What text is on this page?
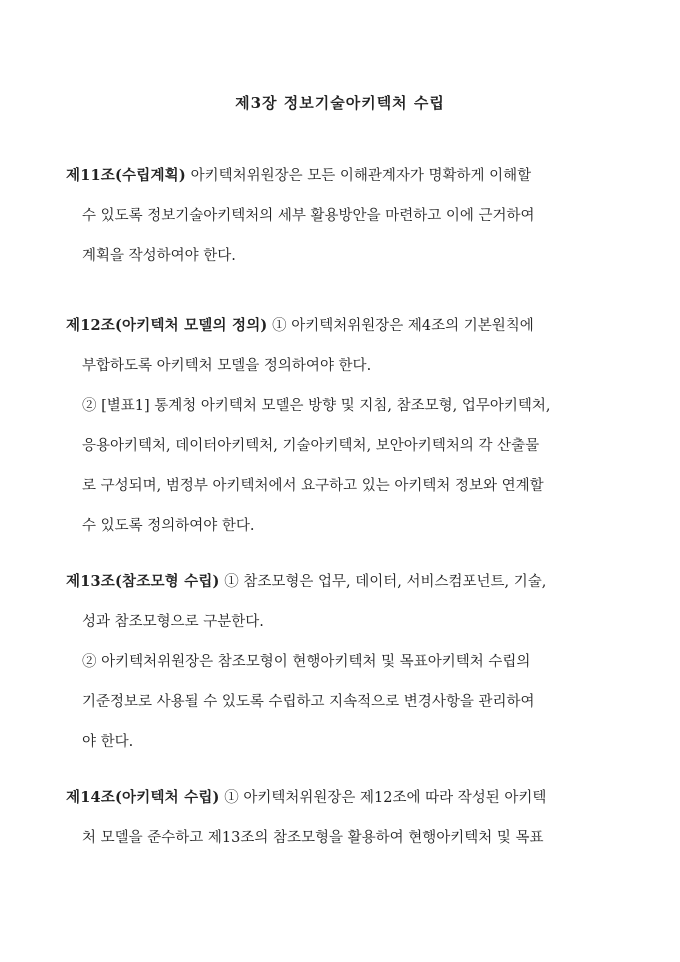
제3장 정보기술아키텍처 수립
제11조(수립계획) 아키텍처위원장은 모든 이해관계자가 명확하게 이해할
수 있도록 정보기술아키텍처의 세부 활용방안을 마련하고 이에 근거하여
계획을 작성하여야 한다.
제12조(아키텍처 모델의 정의) ① 아키텍처위원장은 제4조의 기본원칙에
부합하도록 아키텍처 모델을 정의하여야 한다.
② [별표1] 통계청 아키텍처 모델은 방향 및 지침, 참조모형, 업무아키텍처,
응용아키텍처, 데이터아키텍처, 기술아키텍처, 보안아키텍처의 각 산출물
로 구성되며, 범정부 아키텍처에서 요구하고 있는 아키텍처 정보와 연계할
수 있도록 정의하여야 한다.
제13조(참조모형 수립) ① 참조모형은 업무, 데이터, 서비스컴포넌트, 기술,
성과 참조모형으로 구분한다.
② 아키텍처위원장은 참조모형이 현행아키텍처 및 목표아키텍처 수립의
기준정보로 사용될 수 있도록 수립하고 지속적으로 변경사항을 관리하여
야 한다.
제14조(아키텍처 수립) ① 아키텍처위원장은 제12조에 따라 작성된 아키텍
처 모델을 준수하고 제13조의 참조모형을 활용하여 현행아키텍처 및 목표
